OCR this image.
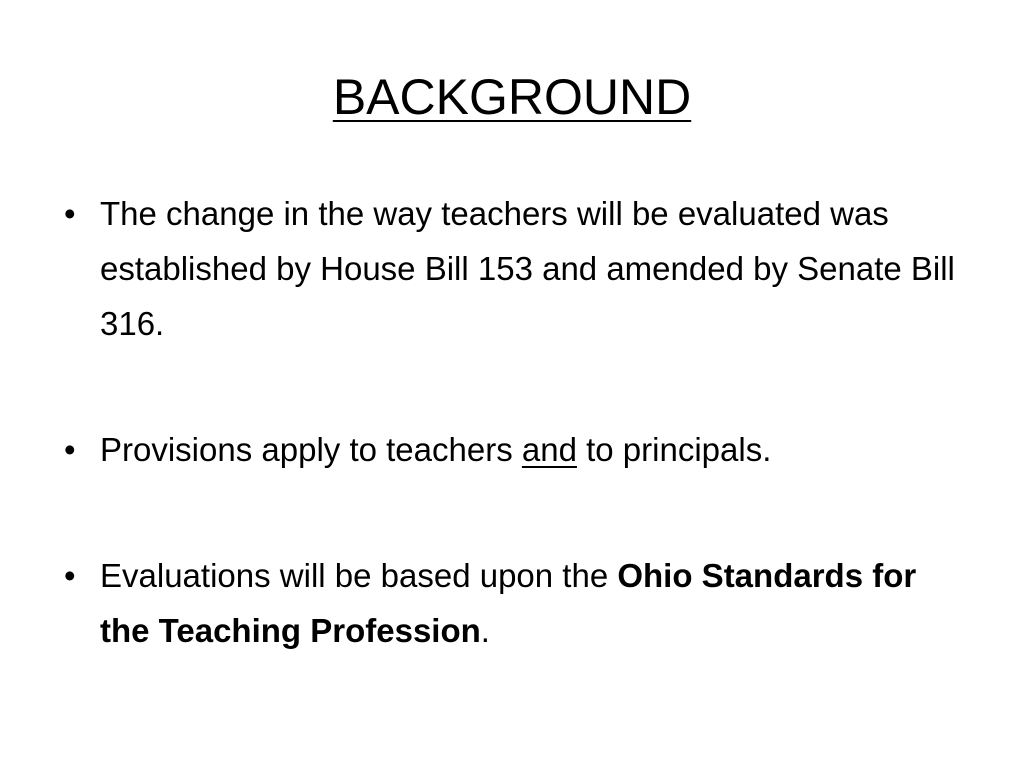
BACKGROUND
• The change in the way teachers will be evaluated was established by House Bill 153 and amended by Senate Bill 316.
• Provisions apply to teachers and to principals.
• Evaluations will be based upon the Ohio Standards for the Teaching Profession.
